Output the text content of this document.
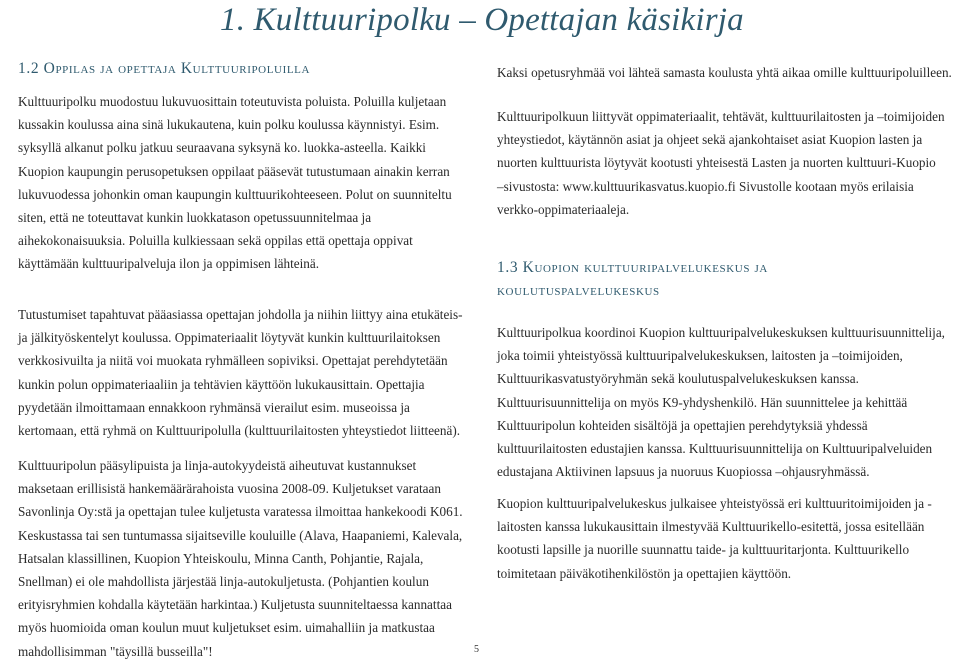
1. Kulttuuripolku – Opettajan käsikirja
1.2 Oppilas ja opettaja Kulttuuripoluilla

Kulttuuripolku muodostuu lukuvuosittain toteutuvista poluista. Poluilla kuljetaan kussakin koulussa aina sinä lukukautena, kuin polku koulussa käynnistyi. Esim. syksyllä alkanut polku jatkuu seuraavana syksynä ko. luokka-asteella. Kaikki Kuopion kaupungin perusopetuksen oppilaat pääsevät tutustumaan ainakin kerran lukuvuodessa johonkin oman kaupungin kulttuurikohteeseen. Polut on suunniteltu siten, että ne toteuttavat kunkin luokkatason opetussuunnitelmaa ja aihekokonaisuuksia. Poluilla kulkiessaan sekä oppilas että opettaja oppivat käyttämään kulttuuripalveluja ilon ja oppimisen lähteinä.

Tutustumiset tapahtuvat pääasiassa opettajan johdolla ja niihin liittyy aina etukäteis- ja jälkityöskentelyt koulussa. Oppimateriaalit löytyvät kunkin kulttuurilaitoksen verkkosivuilta ja niitä voi muokata ryhmälleen sopiviksi. Opettajat perehdytetään kunkin polun oppimateriaaliin ja tehtävien käyttöön lukukausittain. Opettajia pyydetään ilmoittamaan ennakkoon ryhmänsä vierailut esim. museoissa ja kertomaan, että ryhmä on Kulttuuripolulla (kulttuurilaitosten yhteystiedot liitteenä).

Kulttuuripolun pääsylipuista ja linja-autokyydeistä aiheutuvat kustannukset maksetaan erillisistä hankemäärärahoista vuosina 2008-09. Kuljetukset varataan Savonlinja Oy:stä ja opettajan tulee kuljetusta varatessa ilmoittaa hankekoodi K061. Keskustassa tai sen tuntumassa sijaitseville kouluille (Alava, Haapaniemi, Kalevala, Hatsalan klassillinen, Kuopion Yhteiskoulu, Minna Canth, Pohjantie, Rajala, Snellman) ei ole mahdollista järjestää linja-autokuljetusta. (Pohjantien koulun erityisryhmien kohdalla käytetään harkintaa.) Kuljetusta suunniteltaessa kannattaa myös huomioida oman koulun muut kuljetukset esim. uimahalliin ja matkustaa mahdollisimman "täysillä busseilla"!

Kaksi opetusryhmää voi lähteä samasta koulusta yhtä aikaa omille kulttuuripoluilleen.

Kulttuuripolkuun liittyvät oppimateriaalit, tehtävät, kulttuurilaitosten ja –toimijoiden yhteystiedot, käytännön asiat ja ohjeet sekä ajankohtaiset asiat Kuopion lasten ja nuorten kulttuurista löytyvät kootusti yhteisestä Lasten ja nuorten kulttuuri-Kuopio –sivustosta: www.kulttuurikasvatus.kuopio.fi Sivustolle kootaan myös erilaisia verkko-oppimateriaaleja.

1.3 Kuopion kulttuuripalvelukeskus ja koulutuspalvelukeskus

Kulttuuripolkua koordinoi Kuopion kulttuuripalvelukeskuksen kulttuurisuunnittelija, joka toimii yhteistyössä kulttuuripalvelukeskuksen, laitosten ja –toimijoiden, Kulttuurikasvatustyöryhmän sekä koulutuspalvelukeskuksen kanssa. Kulttuurisuunnittelija on myös K9-yhdyshenkilö. Hän suunnittelee ja kehittää Kulttuuripolun kohteiden sisältöjä ja opettajien perehdytyksiä yhdessä kulttuurilaitosten edustajien kanssa. Kulttuurisuunnittelija on Kulttuuripalveluiden edustajana Aktiivinen lapsuus ja nuoruus Kuopiossa –ohjausryhmässä.

Kuopion kulttuuripalvelukeskus julkaisee yhteistyössä eri kulttuuritoimijoiden ja -laitosten kanssa lukukausittain ilmestyvää Kulttuurikello-esitettä, jossa esitellään kootusti lapsille ja nuorille suunnattu taide- ja kulttuuritarjonta. Kulttuurikello toimitetaan päiväkotihenkilöstön ja opettajien käyttöön.

5
